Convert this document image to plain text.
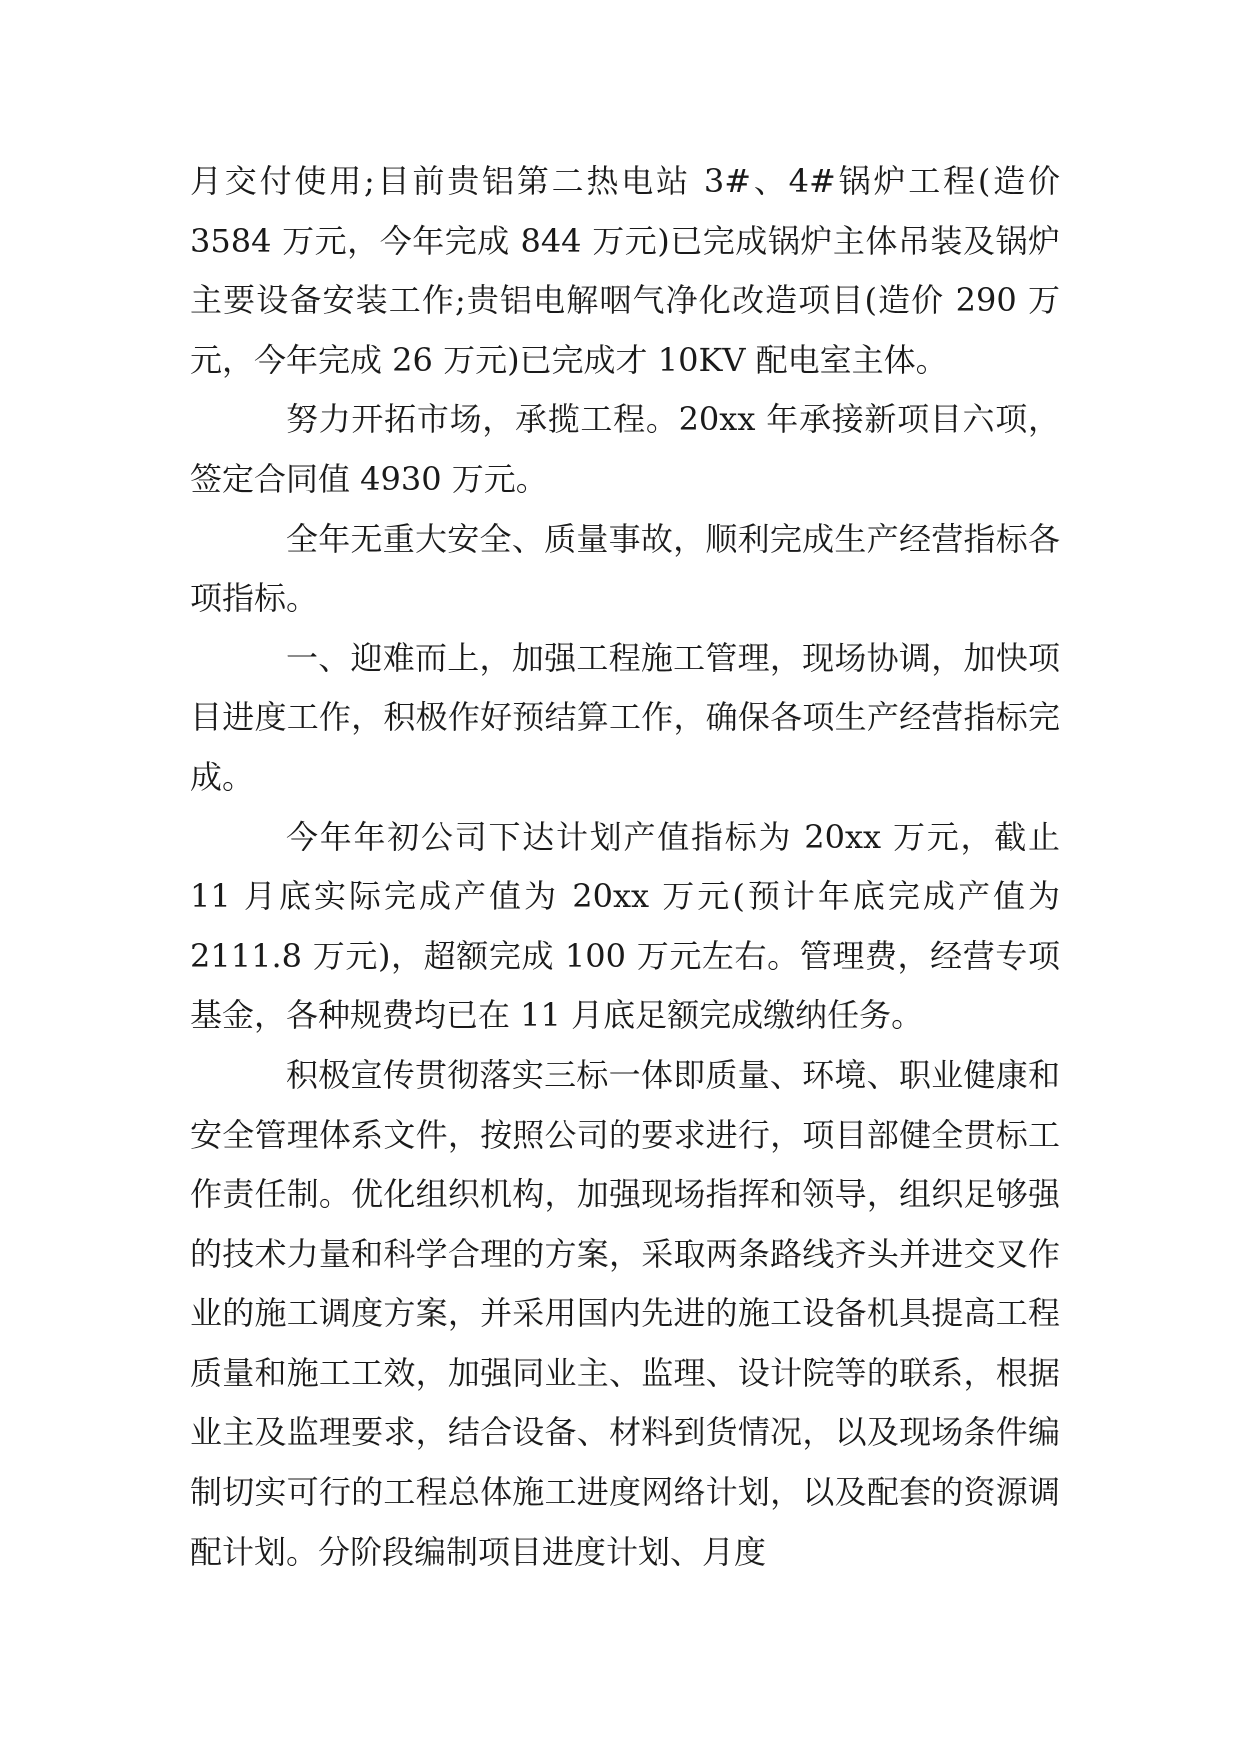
月交付使用;目前贵铝第二热电站 3#、4#锅炉工程(造价 3584 万元，今年完成 844 万元)已完成锅炉主体吊装及锅炉主要设备安装工作;贵铝电解咽气净化改造项目(造价 290 万元，今年完成 26 万元)已完成才 10KV 配电室主体。

努力开拓市场，承揽工程。20xx 年承接新项目六项，签定合同值 4930 万元。

全年无重大安全、质量事故，顺利完成生产经营指标各项指标。

一、迎难而上，加强工程施工管理，现场协调，加快项目进度工作，积极作好预结算工作，确保各项生产经营指标完成。

今年年初公司下达计划产值指标为 20xx 万元，截止 11 月底实际完成产值为 20xx 万元(预计年底完成产值为 2111.8 万元)，超额完成 100 万元左右。管理费，经营专项基金，各种规费均已在 11 月底足额完成缴纳任务。

积极宣传贯彻落实三标一体即质量、环境、职业健康和安全管理体系文件，按照公司的要求进行，项目部健全贯标工作责任制。优化组织机构，加强现场指挥和领导，组织足够强的技术力量和科学合理的方案，采取两条路线齐头并进交叉作业的施工调度方案，并采用国内先进的施工设备机具提高工程质量和施工工效，加强同业主、监理、设计院等的联系，根据业主及监理要求，结合设备、材料到货情况，以及现场条件编制切实可行的工程总体施工进度网络计划，以及配套的资源调配计划。分阶段编制项目进度计划、月度
